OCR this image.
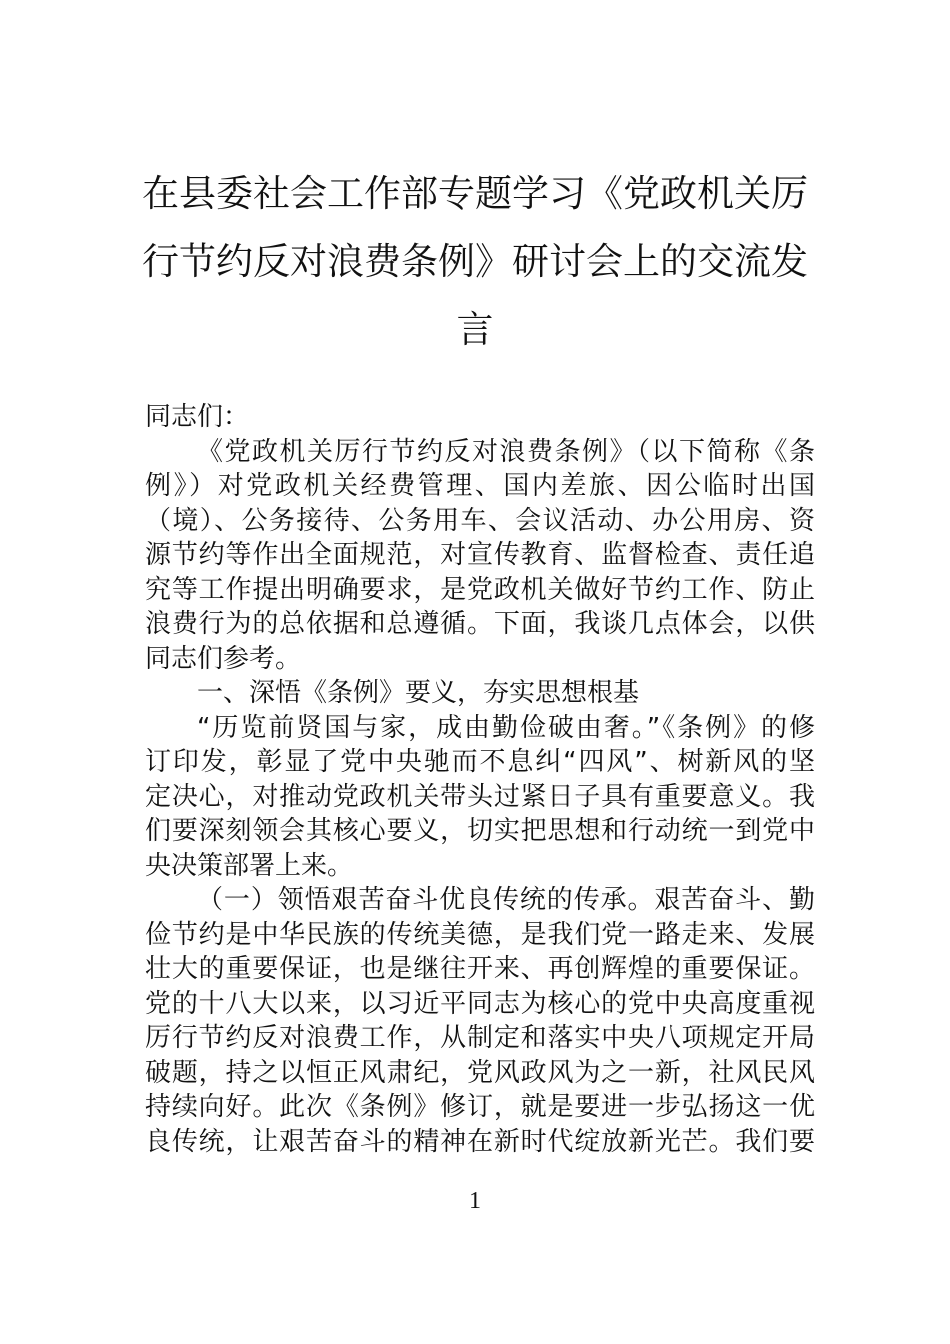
在县委社会工作部专题学习《党政机关厉
行节约反对浪费条例》研讨会上的交流发
言
同志们：
《党政机关厉行节约反对浪费条例》（以下简称《条
例》）对党政机关经费管理、国内差旅、因公临时出国
（境）、公务接待、公务用车、会议活动、办公用房、资
源节约等作出全面规范，对宣传教育、监督检查、责任追
究等工作提出明确要求，是党政机关做好节约工作、防止
浪费行为的总依据和总遵循。下面，我谈几点体会，以供
同志们参考。
一、深悟《条例》要义，夯实思想根基
“历览前贤国与家，成由勤俭破由奢。”《条例》的修
订印发，彰显了党中央驰而不息纠“四风”、树新风的坚
定决心，对推动党政机关带头过紧日子具有重要意义。我
们要深刻领会其核心要义，切实把思想和行动统一到党中
央决策部署上来。
（一）领悟艰苦奋斗优良传统的传承。艰苦奋斗、勤
俭节约是中华民族的传统美德，是我们党一路走来、发展
壮大的重要保证，也是继往开来、再创辉煌的重要保证。
党的十八大以来，以习近平同志为核心的党中央高度重视
厉行节约反对浪费工作，从制定和落实中央八项规定开局
破题，持之以恒正风肃纪，党风政风为之一新，社风民风
持续向好。此次《条例》修订，就是要进一步弘扬这一优
良传统，让艰苦奋斗的精神在新时代绽放新光芒。我们要
1
